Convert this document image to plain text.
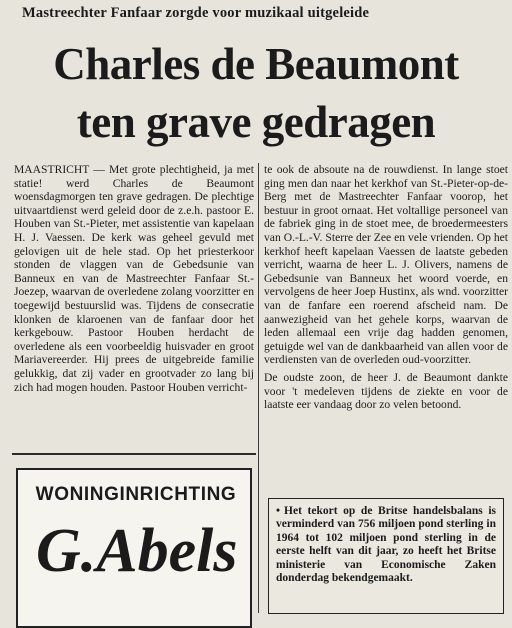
Mastreechter Fanfaar zorgde voor muzikaal uitgeleide
Charles de Beaumont
ten grave gedragen

MAASTRICHT — Met grote plechtigheid, ja met statie! werd Charles de Beaumont woensdagmorgen ten grave gedragen. De plechtige uitvaartdienst werd geleid door de z.e.h. pastoor E. Houben van St.-Pieter, met assistentie van kapelaan H. J. Vaessen. De kerk was geheel gevuld met gelovigen uit de hele stad. Op het priesterkoor stonden de vlaggen van de Gebedsunie van Banneux en van de Mastreechter Fanfaar St.-Joezep, waarvan de overledene zolang voorzitter en toegewijd bestuurslid was. Tijdens de consecratie klonken de klaroenen van de fanfaar door het kerkgebouw. Pastoor Houben herdacht de overledene als een voorbeeldig huisvader en groot Mariavereerder. Hij prees de uitgebreide familie gelukkig, dat zij vader en grootvader zo lang bij zich had mogen houden. Pastoor Houben verricht-

te ook de absoute na de rouwdienst. In lange stoet ging men dan naar het kerkhof van St.-Pieter-op-de-Berg met de Mastreechter Fanfaar voorop, het bestuur in groot ornaat. Het voltallige personeel van de fabriek ging in de stoet mee, de broedermeesters van O.-L.-V. Sterre der Zee en vele vrienden. Op het kerkhof heeft kapelaan Vaessen de laatste gebeden verricht, waarna de heer L. J. Olivers, namens de Gebedsunie van Banneux het woord voerde, en vervolgens de heer Joep Hustinx, als wnd. voorzitter van de fanfare een roerend afscheid nam. De aanwezigheid van het gehele korps, waarvan de leden allemaal een vrije dag hadden genomen, getuigde wel van de dankbaarheid van allen voor de verdiensten van de overleden oud-voorzitter.

De oudste zoon, de heer J. de Beaumont dankte voor 't medeleven tijdens de ziekte en voor de laatste eer vandaag door zo velen betoond.

WONINGINRICHTING
G.Abels
• Het tekort op de Britse handelsbalans is verminderd van 756 miljoen pond sterling in 1964 tot 102 miljoen pond sterling in de eerste helft van dit jaar, zo heeft het Britse ministerie van Economische Zaken donderdag bekendgemaakt.
